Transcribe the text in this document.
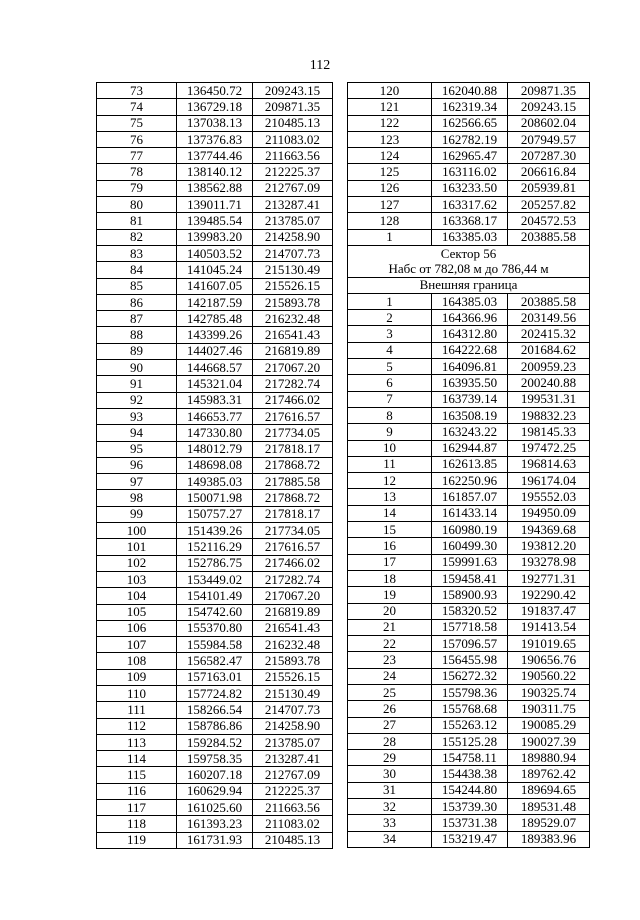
112
73	136450.72	209243.15
74	136729.18	209871.35
75	137038.13	210485.13
76	137376.83	211083.02
77	137744.46	211663.56
78	138140.12	212225.37
79	138562.88	212767.09
80	139011.71	213287.41
81	139485.54	213785.07
82	139983.20	214258.90
83	140503.52	214707.73
84	141045.24	215130.49
85	141607.05	215526.15
86	142187.59	215893.78
87	142785.48	216232.48
88	143399.26	216541.43
89	144027.46	216819.89
90	144668.57	217067.20
91	145321.04	217282.74
92	145983.31	217466.02
93	146653.77	217616.57
94	147330.80	217734.05
95	148012.79	217818.17
96	148698.08	217868.72
97	149385.03	217885.58
98	150071.98	217868.72
99	150757.27	217818.17
100	151439.26	217734.05
101	152116.29	217616.57
102	152786.75	217466.02
103	153449.02	217282.74
104	154101.49	217067.20
105	154742.60	216819.89
106	155370.80	216541.43
107	155984.58	216232.48
108	156582.47	215893.78
109	157163.01	215526.15
110	157724.82	215130.49
111	158266.54	214707.73
112	158786.86	214258.90
113	159284.52	213785.07
114	159758.35	213287.41
115	160207.18	212767.09
116	160629.94	212225.37
117	161025.60	211663.56
118	161393.23	211083.02
119	161731.93	210485.13
120	162040.88	209871.35
121	162319.34	209243.15
122	162566.65	208602.04
123	162782.19	207949.57
124	162965.47	207287.30
125	163116.02	206616.84
126	163233.50	205939.81
127	163317.62	205257.82
128	163368.17	204572.53
1	163385.03	203885.58
Сектор 56		
Набс от 782,08 м до 786,44 м		
Внешняя граница		
1	164385.03	203885.58
2	164366.96	203149.56
3	164312.80	202415.32
4	164222.68	201684.62
5	164096.81	200959.23
6	163935.50	200240.88
7	163739.14	199531.31
8	163508.19	198832.23
9	163243.22	198145.33
10	162944.87	197472.25
11	162613.85	196814.63
12	162250.96	196174.04
13	161857.07	195552.03
14	161433.14	194950.09
15	160980.19	194369.68
16	160499.30	193812.20
17	159991.63	193278.98
18	159458.41	192771.31
19	158900.93	192290.42
20	158320.52	191837.47
21	157718.58	191413.54
22	157096.57	191019.65
23	156455.98	190656.76
24	156272.32	190560.22
25	155798.36	190325.74
26	155768.68	190311.75
27	155263.12	190085.29
28	155125.28	190027.39
29	154758.11	189880.94
30	154438.38	189762.42
31	154244.80	189694.65
32	153739.30	189531.48
33	153731.38	189529.07
34	153219.47	189383.96
